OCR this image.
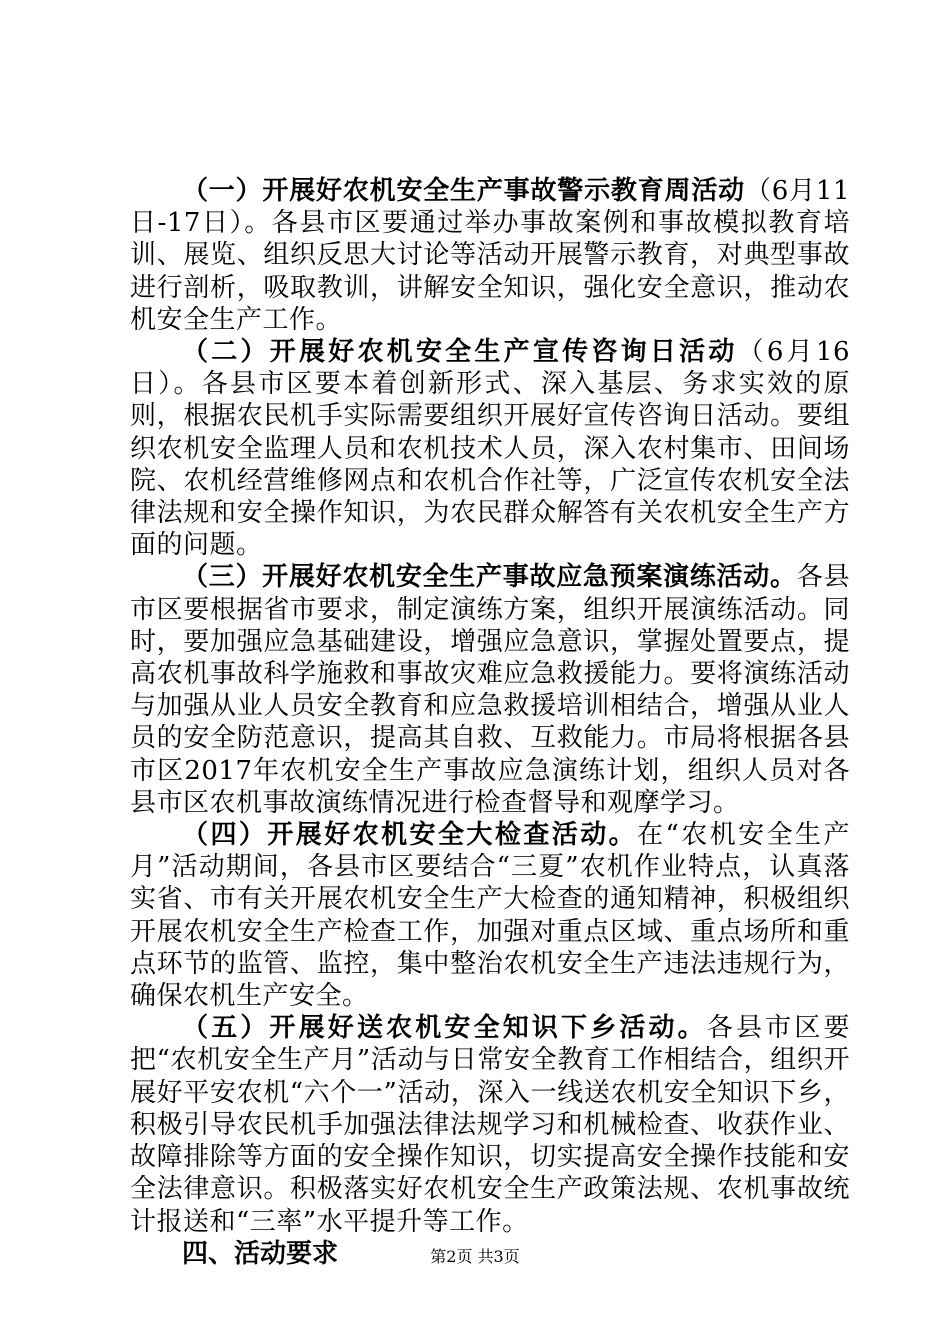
（一）开展好农机安全生产事故警示教育周活动（6月11日-17日）。各县市区要通过举办事故案例和事故模拟教育培训、展览、组织反思大讨论等活动开展警示教育，对典型事故进行剖析，吸取教训，讲解安全知识，强化安全意识，推动农机安全生产工作。

（二）开展好农机安全生产宣传咨询日活动（6月16日）。各县市区要本着创新形式、深入基层、务求实效的原则，根据农民机手实际需要组织开展好宣传咨询日活动。要组织农机安全监理人员和农机技术人员，深入农村集市、田间场院、农机经营维修网点和农机合作社等，广泛宣传农机安全法律法规和安全操作知识，为农民群众解答有关农机安全生产方面的问题。

（三）开展好农机安全生产事故应急预案演练活动。各县市区要根据省市要求，制定演练方案，组织开展演练活动。同时，要加强应急基础建设，增强应急意识，掌握处置要点，提高农机事故科学施救和事故灾难应急救援能力。要将演练活动与加强从业人员安全教育和应急救援培训相结合，增强从业人员的安全防范意识，提高其自救、互救能力。市局将根据各县市区2017年农机安全生产事故应急演练计划，组织人员对各县市区农机事故演练情况进行检查督导和观摩学习。

（四）开展好农机安全大检查活动。在“农机安全生产月”活动期间，各县市区要结合“三夏”农机作业特点，认真落实省、市有关开展农机安全生产大检查的通知精神，积极组织开展农机安全生产检查工作，加强对重点区域、重点场所和重点环节的监管、监控，集中整治农机安全生产违法违规行为，确保农机生产安全。

（五）开展好送农机安全知识下乡活动。各县市区要把“农机安全生产月”活动与日常安全教育工作相结合，组织开展好平安农机“六个一”活动，深入一线送农机安全知识下乡，积极引导农民机手加强法律法规学习和机械检查、收获作业、故障排除等方面的安全操作知识，切实提高安全操作技能和安全法律意识。积极落实好农机安全生产政策法规、农机事故统计报送和“三率”水平提升等工作。

四、活动要求	第2页 共3页
